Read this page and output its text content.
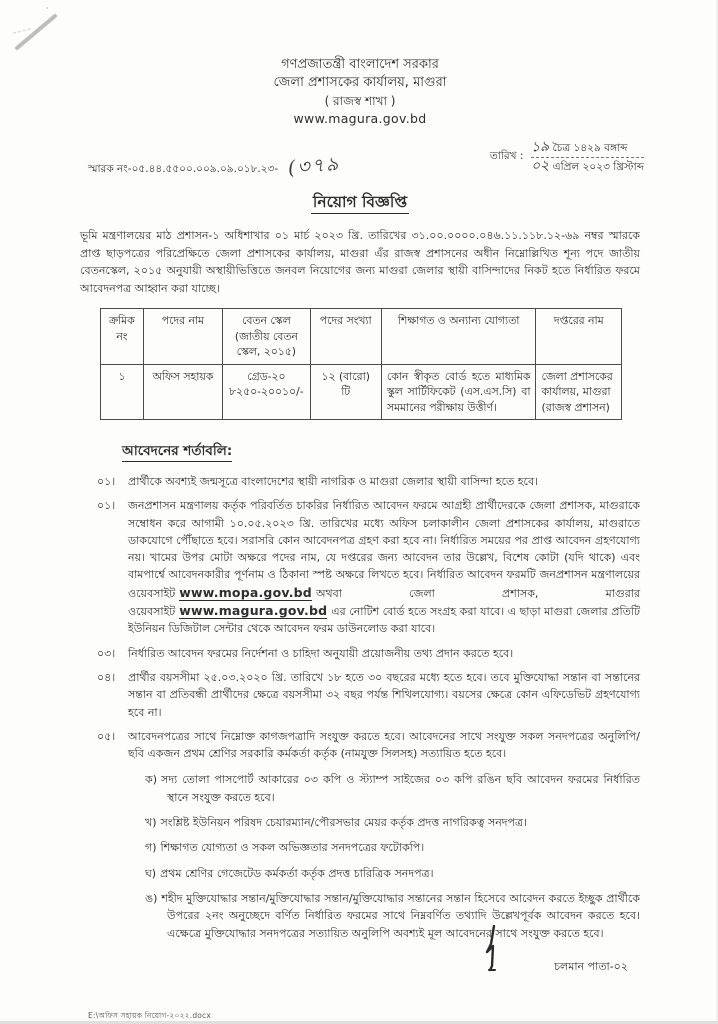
গণপ্রজাতন্ত্রী বাংলাদেশ সরকার
জেলা প্রশাসকের কার্যালয়, মাগুরা
( রাজস্ব শাখা )
www.magura.gov.bd
স্মারক নং-০৫.৪৪.৫৫০০.০০৯.০৯.০১৮.২৩- (৩৭৯	তারিখ :
১৯ চৈত্র ১৪২৯ বঙ্গাব্দ
০২ এপ্রিল ২০২৩ খ্রিস্টাব্দ
নিয়োগ বিজ্ঞপ্তি

ভূমি মন্ত্রণালয়ের মাঠ প্রশাসন-১ অধিশাখার ০১ মার্চ ২০২৩ খ্রি. তারিখের ৩১.০০.০০০০.০৪৬.১১.১১৮.১২-৬৯ নম্বর স্মারকে প্রাপ্ত ছাড়পত্রের পরিপ্রেক্ষিতে জেলা প্রশাসকের কার্যালয়, মাগুরা এঁর রাজস্ব প্রশাসনের অধীন নিম্নোল্লিখিত শূন্য পদে জাতীয় বেতনস্কেল, ২০১৫ অনুযায়ী অস্থায়ীভিত্তিতে জনবল নিয়োগের জন্য মাগুরা জেলার স্থায়ী বাসিন্দাদের নিকট হতে নির্ধারিত ফরমে আবেদনপত্র আহ্বান করা যাচ্ছে।

ক্রমিক নং	পদের নাম	বেতন স্কেল (জাতীয় বেতন স্কেল, ২০১৫)	পদের সংখ্যা	শিক্ষাগত ও অন্যান্য যোগ্যতা	দপ্তরের নাম
১	অফিস সহায়ক	গ্রেড-২০ ৮২৫০-২০০১০/-	১২ (বারো) টি	কোন স্বীকৃত বোর্ড হতে মাধ্যমিক স্কুল সার্টিফিকেট (এস.এস.সি) বা সমমানের পরীক্ষায় উত্তীর্ণ।	জেলা প্রশাসকের কার্যালয়, মাগুরা (রাজস্ব প্রশাসন)
আবেদনের শর্তাবলি:
০১।	প্রার্থীকে অবশ্যই জন্মসূত্রে বাংলাদেশের স্থায়ী নাগরিক ও মাগুরা জেলার স্থায়ী বাসিন্দা হতে হবে।
০১।	জনপ্রশাসন মন্ত্রণালয় কর্তৃক পরিবর্তিত চাকরির নির্ধারিত আবেদন ফরমে আগ্রহী প্রার্থীদেরকে জেলা প্রশাসক, মাগুরাকে সম্বোধন করে আগামী ১০.০৫.২০২৩ খ্রি. তারিখের মধ্যে অফিস চলাকালীন জেলা প্রশাসকের কার্যালয়, মাগুরাতে ডাকযোগে পৌঁছাতে হবে। সরাসরি কোন আবেদনপত্র গ্রহণ করা হবে না। নির্ধারিত সময়ের পর প্রাপ্ত আবেদন গ্রহণযোগ্য নয়। খামের উপর মোটা অক্ষরে পদের নাম, যে দপ্তরের জন্য আবেদন তার উল্লেখ, বিশেষ কোটা (যদি থাকে) এবং বামপার্শ্বে আবেদনকারীর পূর্ণনাম ও ঠিকানা স্পষ্ট অক্ষরে লিখতে হবে। নির্ধারিত আবেদন ফরমটি জনপ্রশাসন মন্ত্রণালয়ের ওয়েবসাইট www.mopa.gov.bd অথবা জেলা প্রশাসক, মাগুরার ওয়েবসাইট www.magura.gov.bd এর নোটিশ বোর্ড হতে সংগ্রহ করা যাবে। এ ছাড়া মাগুরা জেলার প্রতিটি ইউনিয়ন ডিজিটাল সেন্টার থেকে আবেদন ফরম ডাউনলোড করা যাবে।
০৩।	নির্ধারিত আবেদন ফরমের নির্দেশনা ও চাহিদা অনুযায়ী প্রয়োজনীয় তথ্য প্রদান করতে হবে।
০৪।	প্রার্থীর বয়সসীমা ২৫.০৩.২০২০ খ্রি. তারিখে ১৮ হতে ৩০ বছরের মধ্যে হতে হবে। তবে মুক্তিযোদ্ধা সন্তান বা সন্তানের সন্তান বা প্রতিবন্ধী প্রার্থীদের ক্ষেত্রে বয়সসীমা ৩২ বছর পর্যন্ত শিথিলযোগ্য। বয়সের ক্ষেত্রে কোন এফিডেভিট গ্রহণযোগ্য হবে না।
০৫।	আবেদনপত্রের সাথে নিম্নোক্ত কাগজপত্রাদি সংযুক্ত করতে হবে। আবেদনের সাথে সংযুক্ত সকল সনদপত্রের অনুলিপি/ছবি একজন প্রথম শ্রেণির সরকারি কর্মকর্তা কর্তৃক (নামযুক্ত সিলসহ) সত্যায়িত হতে হবে।
ক) সদ্য তোলা পাসপোর্ট আকারের ০৩ কপি ও স্ট্যাম্প সাইজের ০৩ কপি রঙিন ছবি আবেদন ফরমের নির্ধারিত স্থানে সংযুক্ত করতে হবে।
খ) সংশ্লিষ্ট ইউনিয়ন পরিষদ চেয়ারম্যান/পৌরসভার মেয়র কর্তৃক প্রদত্ত নাগরিকত্ব সনদপত্র।
গ) শিক্ষাগত যোগ্যতা ও সকল অভিজ্ঞতার সনদপত্রের ফটোকপি।
ঘ) প্রথম শ্রেণির গেজেটেড কর্মকর্তা কর্তৃক প্রদত্ত চারিত্রিক সনদপত্র।
ঙ) শহীদ মুক্তিযোদ্ধার সন্তান/মুক্তিযোদ্ধার সন্তান/মুক্তিযোদ্ধার সন্তানের সন্তান হিসেবে আবেদন করতে ইচ্ছুক প্রার্থীকে উপরের ২নং অনুচ্ছেদে বর্ণিত নির্ধারিত ফরমের সাথে নিম্নবর্ণিত তথ্যাদি উল্লেখপূর্বক আবেদন করতে হবে। এক্ষেত্রে মুক্তিযোদ্ধার সনদপত্রের সত্যায়িত অনুলিপি অবশ্যই মূল আবেদনের সাথে সংযুক্ত করতে হবে।
চলমান পাতা-০২
E:\অফিস সহায়ক নিয়োগ-২০২২.docx
